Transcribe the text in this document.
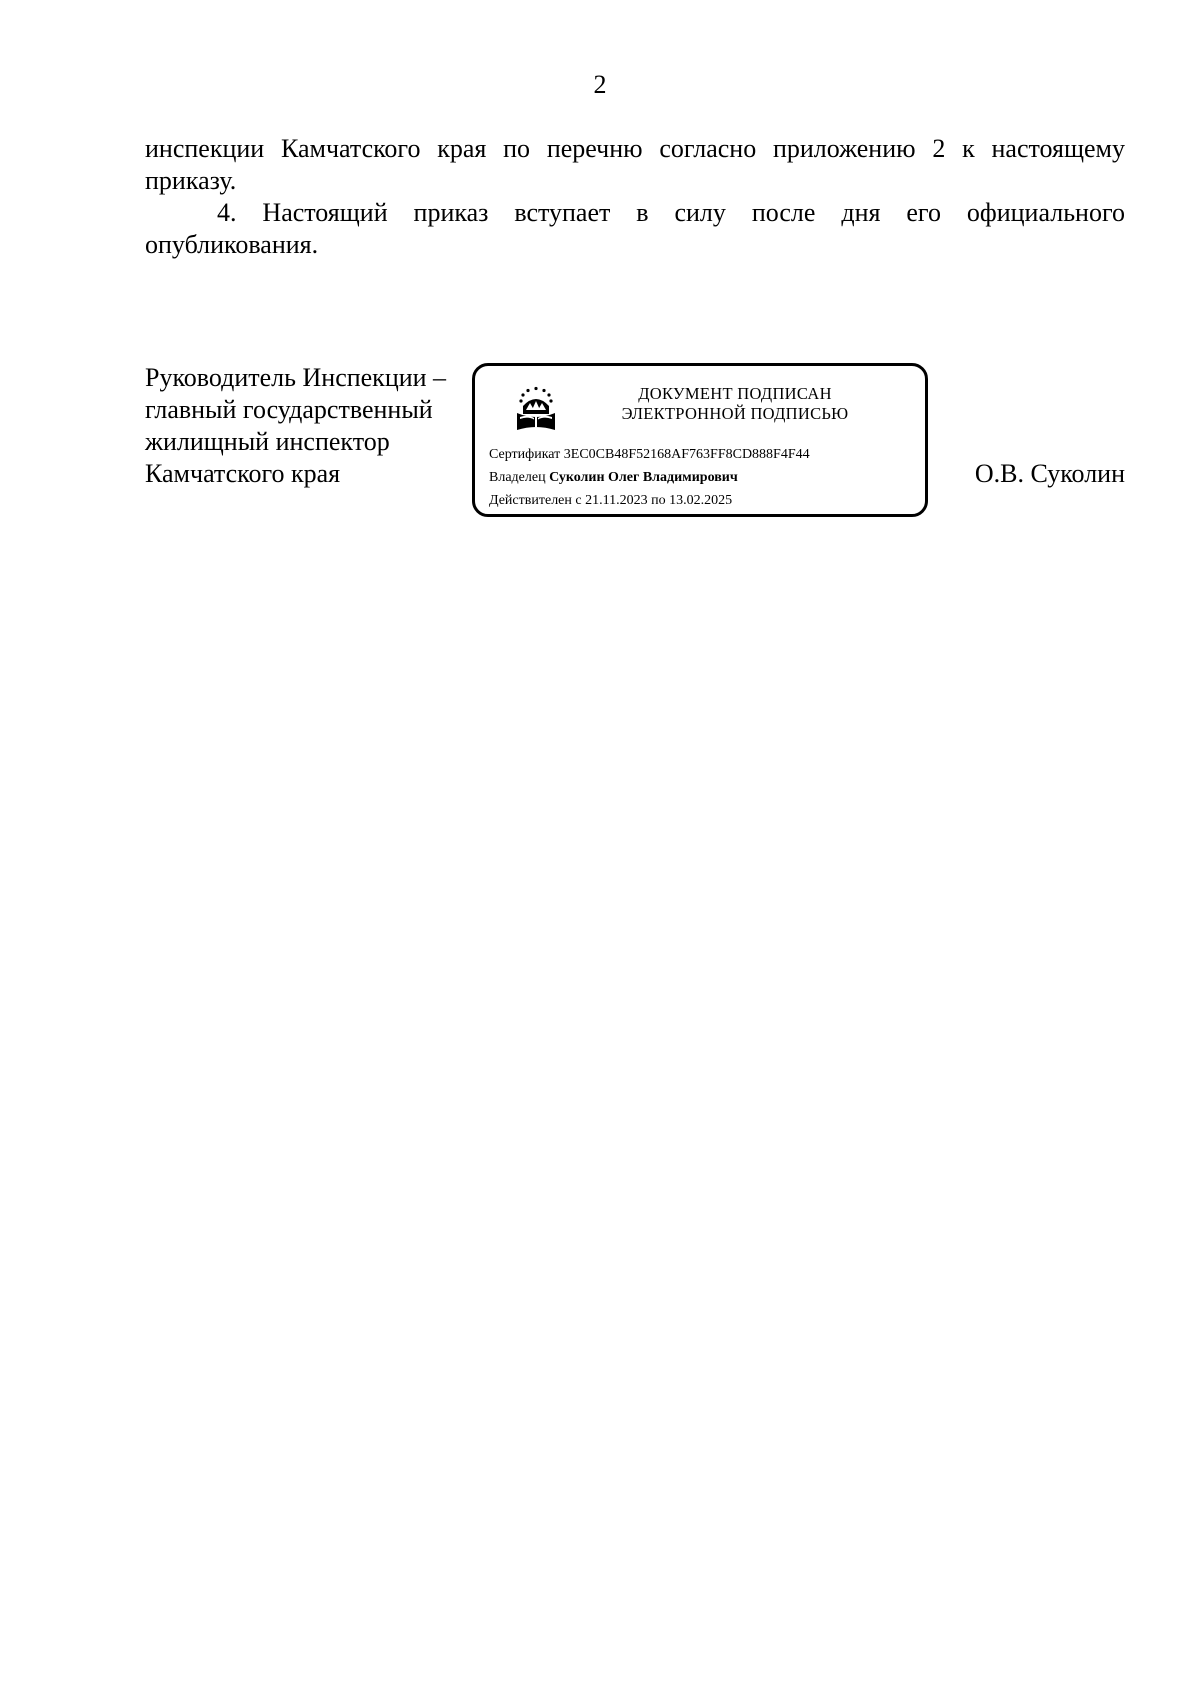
2

инспекции Камчатского края по перечню согласно приложению 2 к настоящему приказу.

4. Настоящий приказ вступает в силу после дня его официального опубликования.

Руководитель Инспекции –
главный государственный
жилищный инспектор
Камчатского края
ДОКУМЕНТ ПОДПИСАН
ЭЛЕКТРОННОЙ ПОДПИСЬЮ
Сертификат 3EC0CB48F52168AF763FF8CD888F4F44
Владелец Суколин Олег Владимирович
Действителен с 21.11.2023 по 13.02.2025
О.В. Суколин
